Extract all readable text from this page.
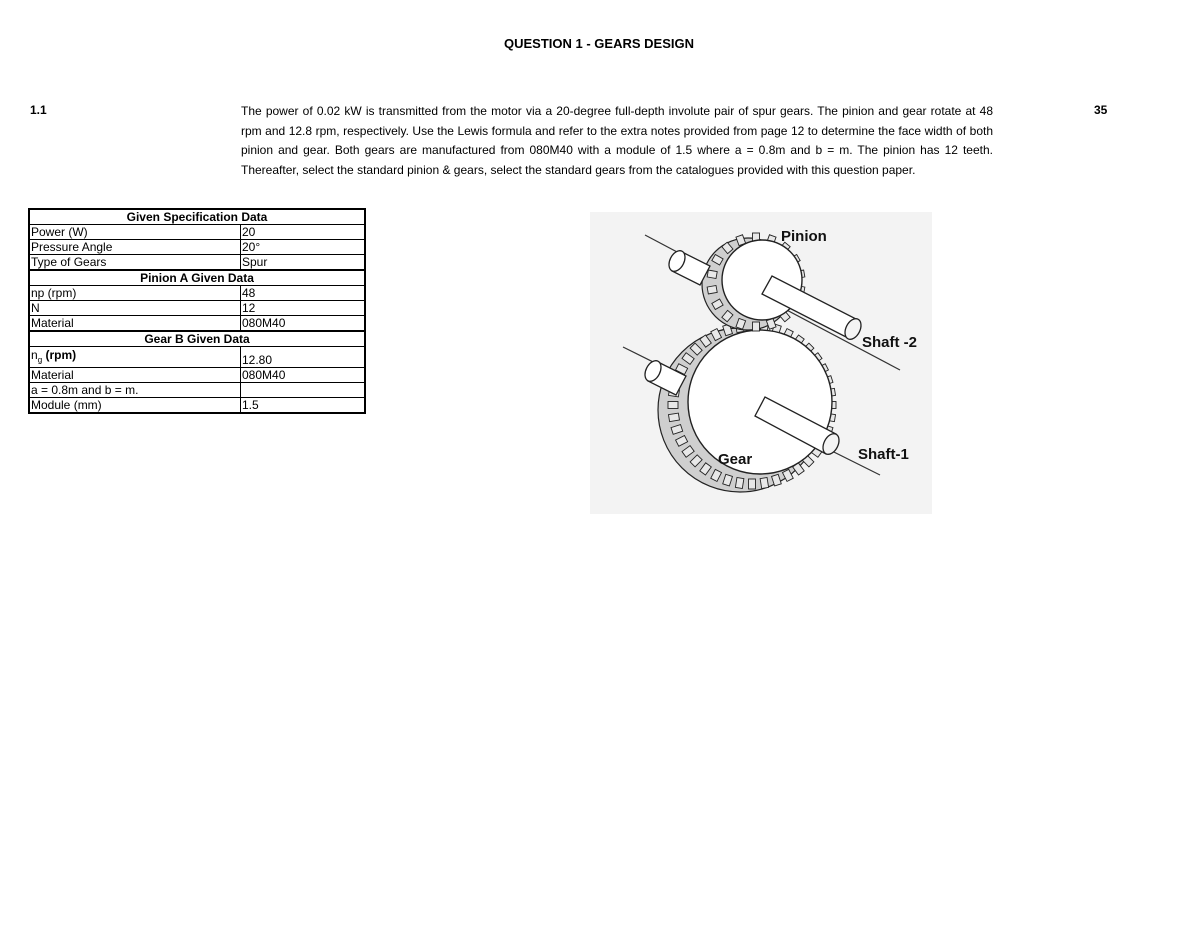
QUESTION 1 - GEARS DESIGN
1.1	The power of 0.02 kW is transmitted from the motor via a 20-degree full-depth involute pair of spur gears. The pinion and gear rotate at 48 rpm and 12.8 rpm, respectively. Use the Lewis formula and refer to the extra notes provided from page 12 to determine the face width of both pinion and gear. Both gears are manufactured from 080M40 with a module of 1.5 where a = 0.8m and b = m. The pinion has 12 teeth. Thereafter, select the standard pinion & gears, select the standard gears from the catalogues provided with this question paper.
35
Given Specification Data	
Power (W)	20
Pressure Angle	20°
Type of Gears	Spur
Pinion A Given Data	
np (rpm)	48
N	12
Material	080M40
Gear B Given Data	
$n_g$ (rpm)	12.80
Material	080M40
a = 0.8m and b = m.	
Module (mm)	1.5
Pinion
Shaft -2
Gear	Shaft-1
